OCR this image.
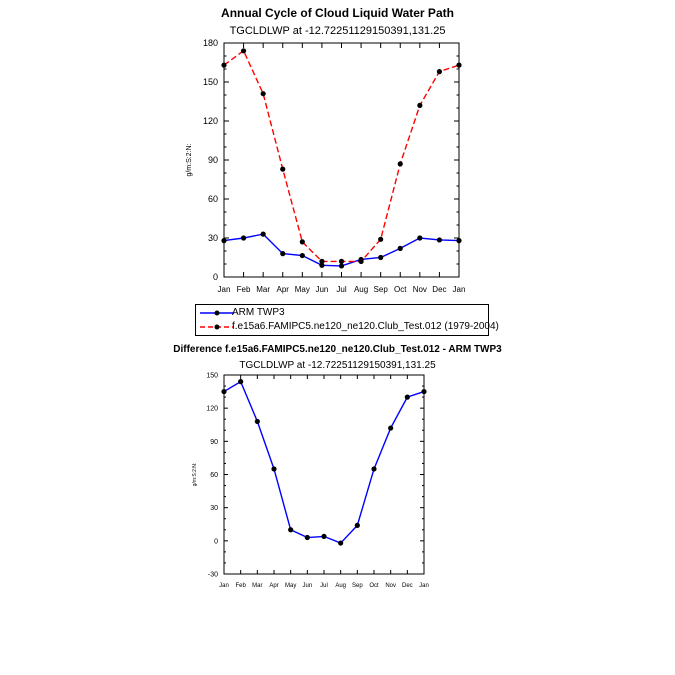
Annual Cycle of Cloud Liquid Water Path
TGCLDLWP at -12.72251129150391,131.25
Difference f.e15a6.FAMIPC5.ne120_ne120.Club_Test.012 - ARM TWP3
TGCLDLWP at -12.72251129150391,131.25
0
30
60
90
120
150
180
Jan Feb Mar Apr May Jun Jul Aug Sep Oct Nov Dec Jan
g/m:S:2:N:
-30
0
30
60
90
120
150
Jan Feb Mar Apr May Jun Jul Aug Sep Oct Nov Dec Jan
g/m:S:2:N:
ARM TWP3
f.e15a6.FAMIPC5.ne120_ne120.Club_Test.012 (1979-2004)
